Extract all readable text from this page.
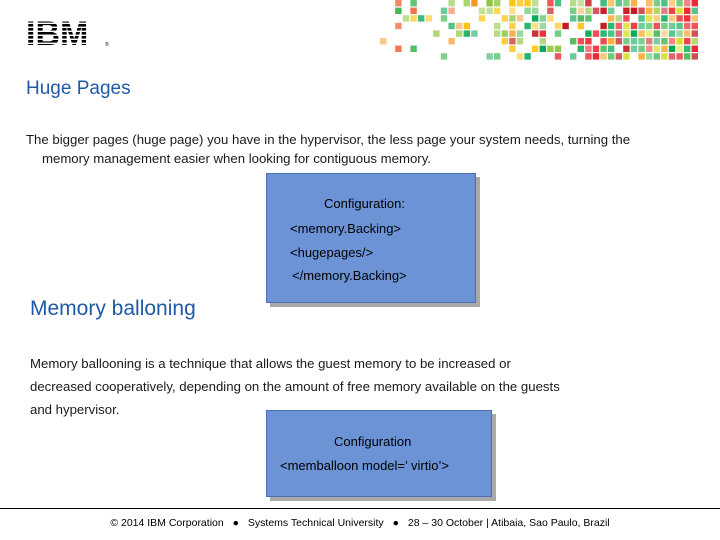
IBM	®
Huge Pages
The bigger pages (huge page) you have in the hypervisor, the less page your system needs, turning the
memory management easier when looking for contiguous memory.
Configuration:
<memory.Backing>
<hugepages/>
</memory.Backing>
Memory balloning
Memory ballooning is a technique that allows the guest memory to be increased or
decreased cooperatively, depending on the amount of free memory available on the guests
and hypervisor.
Configuration
<memballoon model=’ virtio’>
© 2014 IBM Corporation ● Systems Technical University ● 28 – 30 October | Atibaia, Sao Paulo, Brazil
